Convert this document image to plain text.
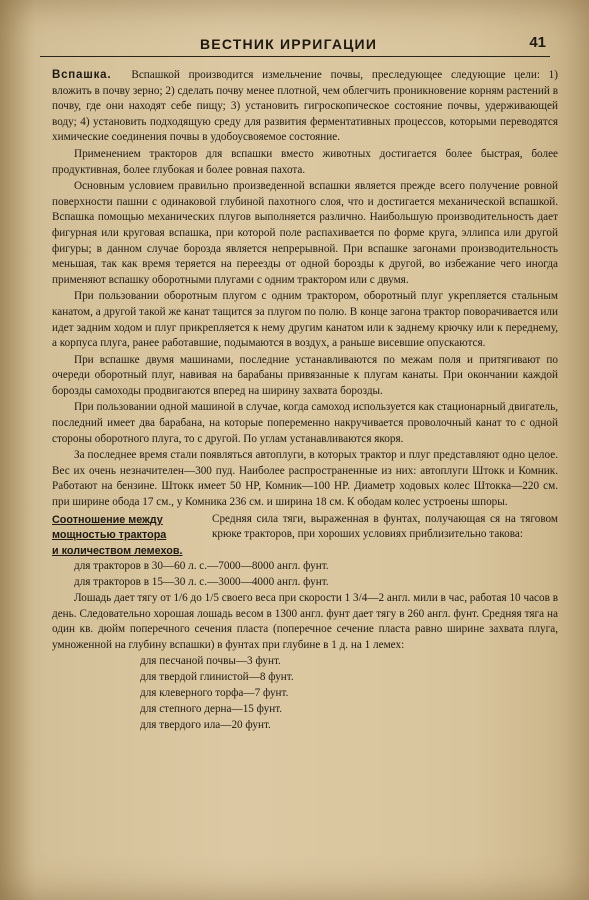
ВЕСТНИК ИРРИГАЦИИ	41

Вспашка. Вспашкой производится измельчение почвы, преследующее следующие цели: 1) вложить в почву зерно; 2) сделать почву менее плотной, чем облегчить проникновение корням растений в почву, где они находят себе пищу; 3) установить гигроскопическое состояние почвы, удерживающей воду; 4) установить подходящую среду для развития ферментативных процессов, которыми переводятся химические соединения почвы в удобоусвояемое состояние.

Применением тракторов для вспашки вместо животных достигается более быстрая, более продуктивная, более глубокая и более ровная пахота.

Основным условием правильно произведенной вспашки является прежде всего получение ровной поверхности пашни с одинаковой глубиной пахотного слоя, что и достигается механической вспашкой. Вспашка помощью механических плугов выполняется различно. Наибольшую производительность дает фигурная или круговая вспашка, при которой поле распахивается по форме круга, эллипса или другой фигуры; в данном случае борозда является непрерывной. При вспашке загонами производительность меньшая, так как время теряется на переезды от одной борозды к другой, во избежание чего иногда применяют вспашку оборотными плугами с одним трактором или с двумя.

При пользовании оборотным плугом с одним трактором, оборотный плуг укрепляется стальным канатом, а другой такой же канат тащится за плугом по полю. В конце загона трактор поворачивается или идет задним ходом и плуг прикрепляется к нему другим канатом или к заднему крючку или к переднему, а корпуса плуга, ранее работавшие, подымаются в воздух, а раньше висевшие опускаются.

При вспашке двумя машинами, последние устанавливаются по межам поля и притягивают по очереди оборотный плуг, навивая на барабаны привязанные к плугам канаты. При окончании каждой борозды самоходы продвигаются вперед на ширину захвата борозды.

При пользовании одной машиной в случае, когда самоход используется как стационарный двигатель, последний имеет два барабана, на которые попеременно накручивается проволочный канат то с одной стороны оборотного плуга, то с другой. По углам устанавливаются якоря.

За последнее время стали появляться автоплуги, в которых трактор и плуг представляют одно целое. Вес их очень незначителен—300 пуд. Наиболее распространенные из них: автоплуги Штокк и Комник. Работают на бензине. Штокк имеет 50 HP, Комник—100 HP. Диаметр ходовых колес Штокка—220 см. при ширине обода 17 см., у Комника 236 см. и ширина 18 см. К ободам колес устроены шпоры.

Соотношение между
мощностью трактора
и количеством лемехов.

Средняя сила тяги, выраженная в фунтах, получающая ся на тяговом крюке тракторов, при хороших условиях приблизительно такова:

для тракторов в 30—60 л. с.—7000—8000 англ. фунт.
для тракторов в 15—30 л. с.—3000—4000 англ. фунт.

Лошадь дает тягу от 1/6 до 1/5 своего веса при скорости 1 3/4—2 англ. мили в час, работая 10 часов в день. Следовательно хорошая лошадь весом в 1300 англ. фунт дает тягу в 260 англ. фунт. Средняя тяга на один кв. дюйм поперечного сечения пласта (поперечное сечение пласта равно ширине захвата плуга, умноженной на глубину вспашки) в фунтах при глубине в 1 д. на 1 лемех:

для песчаной почвы—3 фунт.
для твердой глинистой—8 фунт.
для клеверного торфа—7 фунт.
для степного дерна—15 фунт.
для твердого ила—20 фунт.
